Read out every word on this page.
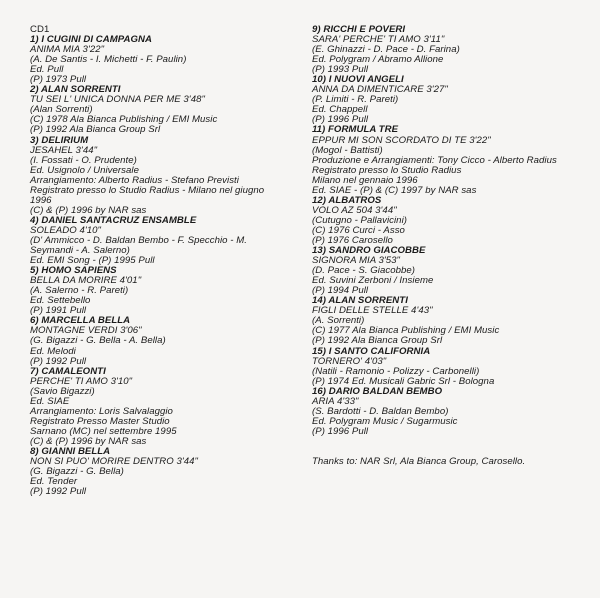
CD1
1) I CUGINI DI CAMPAGNA
ANIMA MIA 3'22"
(A. De Santis - I. Michetti - F. Paulin)
Ed. Pull
(P) 1973 Pull
2) ALAN SORRENTI
TU SEI L' UNICA DONNA PER ME 3'48"
(Alan Sorrenti)
(C) 1978 Ala Bianca Publishing / EMI Music
(P) 1992 Ala Bianca Group Srl
3) DELIRIUM
JESAHEL 3'44"
(I. Fossati - O. Prudente)
Ed. Usignolo / Universale
Arrangiamento: Alberto Radius - Stefano Previsti
Registrato presso lo Studio Radius - Milano nel giugno
1996
(C) & (P) 1996 by NAR sas
4) DANIEL SANTACRUZ ENSAMBLE
SOLEADO 4'10"
(D' Ammicco - D. Baldan Bembo - F. Specchio - M.
Seymandi - A. Salerno)
Ed. EMI Song - (P) 1995 Pull
5) HOMO SAPIENS
BELLA DA MORIRE 4'01"
(A. Salerno - R. Pareti)
Ed. Settebello
(P) 1991 Pull
6) MARCELLA BELLA
MONTAGNE VERDI 3'06"
(G. Bigazzi - G. Bella - A. Bella)
Ed. Melodi
(P) 1992 Pull
7) CAMALEONTI
PERCHE' TI AMO 3'10"
(Savio Bigazzi)
Ed. SIAE
Arrangiamento: Loris Salvalaggio
Registrato Presso Master Studio
Sarnano (MC) nel settembre 1995
(C) & (P) 1996 by NAR sas
8) GIANNI BELLA
NON SI PUO' MORIRE DENTRO 3'44"
(G. Bigazzi - G. Bella)
Ed. Tender
(P) 1992 Pull
9) RICCHI E POVERI
SARA' PERCHE' TI AMO 3'11"
(E. Ghinazzi - D. Pace - D. Farina)
Ed. Polygram / Abramo Allione
(P) 1993 Pull
10) I NUOVI ANGELI
ANNA DA DIMENTICARE 3'27"
(P. Limiti - R. Pareti)
Ed. Chappell
(P) 1996 Pull
11) FORMULA TRE
EPPUR MI SON SCORDATO DI TE 3'22"
(Mogol - Battisti)
Produzione e Arrangiamenti: Tony Cicco - Alberto Radius
Registrato presso lo Studio Radius
Milano nel gennaio 1996
Ed. SIAE - (P) & (C) 1997 by NAR sas
12) ALBATROS
VOLO AZ 504 3'44"
(Cutugno - Pallavicini)
(C) 1976 Curci - Asso
(P) 1976 Carosello
13) SANDRO GIACOBBE
SIGNORA MIA 3'53"
(D. Pace - S. Giacobbe)
Ed. Suvini Zerboni / Insieme
(P) 1994 Pull
14) ALAN SORRENTI
FIGLI DELLE STELLE 4'43"
(A. Sorrenti)
(C) 1977 Ala Bianca Publishing / EMI Music
(P) 1992 Ala Bianca Group Srl
15) I SANTO CALIFORNIA
TORNERO' 4'03"
(Natili - Ramonio - Polizzy - Carbonelli)
(P) 1974 Ed. Musicali Gabric Srl - Bologna
16) DARIO BALDAN BEMBO
ARIA 4'33"
(S. Bardotti - D. Baldan Bembo)
Ed. Polygram Music / Sugarmusic
(P) 1996 Pull
Thanks to: NAR Srl, Ala Bianca Group, Carosello.
